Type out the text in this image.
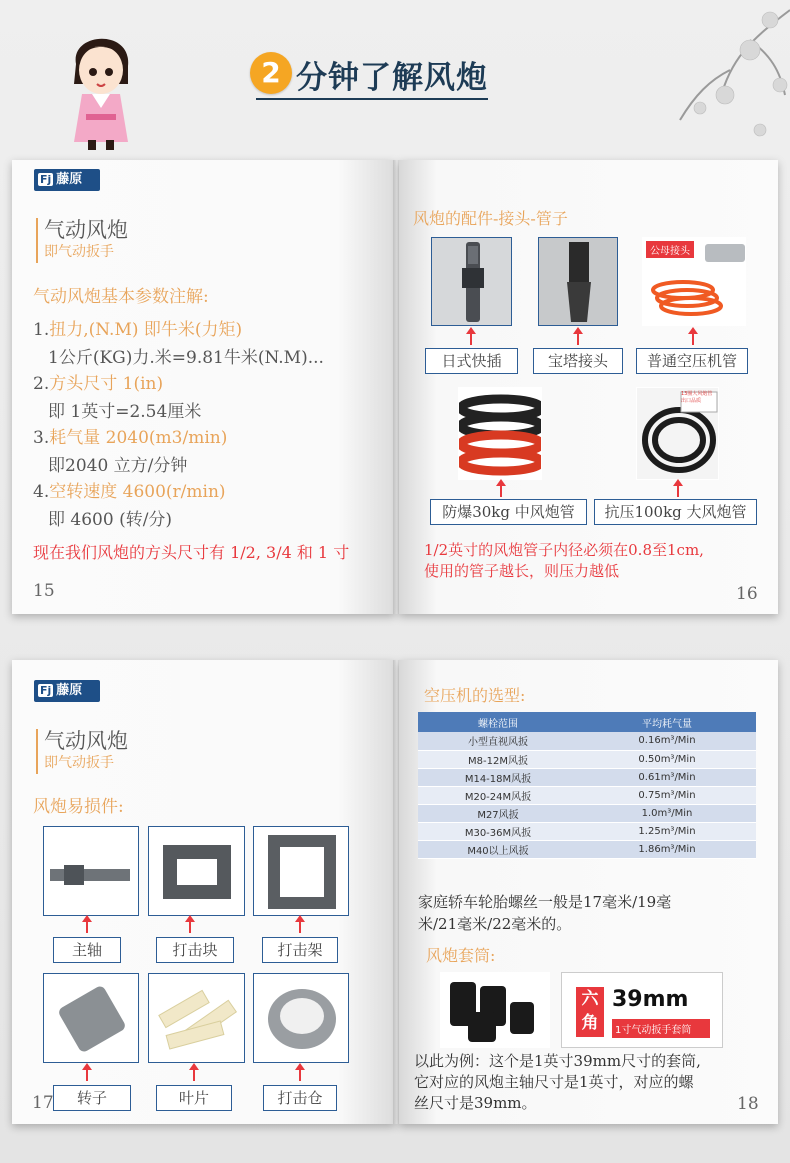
2 分钟了解风炮
Fj 藤原
气动风炮
即气动扳手
气动风炮基本参数注解:
1.扭力,(N.M) 即牛米(力矩)
1公斤(KG)力.米=9.81牛米(N.M)...
2.方头尺寸 1(in)
即 1英寸=2.54厘米
3.耗气量 2040(m3/min)
即2040 立方/分钟
4.空转速度 4600(r/min)
即 4600 (转/分)
现在我们风炮的方头尺寸有 1/2, 3/4 和 1 寸
15
风炮的配件-接头-管子
公母接头
日式快插	宝塔接头	普通空压机管
13圈大风炮管
出口品质
防爆30kg 中风炮管	抗压100kg 大风炮管
1/2英寸的风炮管子内径必须在0.8至1cm,
使用的管子越长，则压力越低
16
Fj 藤原
气动风炮
即气动扳手
风炮易损件:
主轴	打击块	打击架
转子	叶片	打击仓
17
空压机的选型:
螺栓范围	平均耗气量
小型直视风扳	0.16m³/Min
M8-12M风扳	0.50m³/Min
M14-18M风扳	0.61m³/Min
M20-24M风扳	0.75m³/Min
M27风扳	1.0m³/Min
M30-36M风扳	1.25m³/Min
M40以上风扳	1.86m³/Min
家庭轿车轮胎螺丝一般是17毫米/19毫
米/21毫米/22毫米的。
风炮套筒:
六
角
39mm
1寸气动扳手套筒
以此为例：这个是1英寸39mm尺寸的套筒,
它对应的风炮主轴尺寸是1英寸，对应的螺
丝尺寸是39mm。	18
